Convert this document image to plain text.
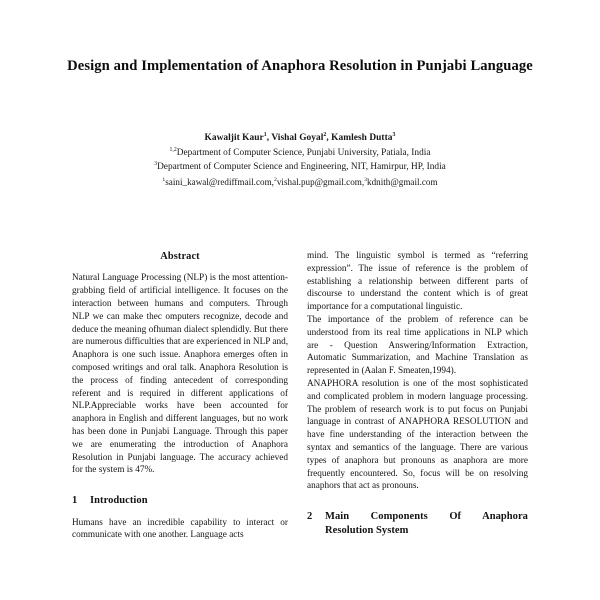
Design and Implementation of Anaphora Resolution in Punjabi Language
Kawaljit Kaur$^1$, Vishal Goyal$^2$, Kamlesh Dutta$^3$
$^{1,2}$Department of Computer Science, Punjabi University, Patiala, India
$^3$Department of Computer Science and Engineering, NIT, Hamirpur, HP, India
$^1$saini_kawal@rediffmail.com,$^2$vishal.pup@gmail.com,$^3$kdnith@gmail.com
Abstract

Natural Language Processing (NLP) is the most attention-grabbing field of artificial intelligence. It focuses on the interaction between humans and computers. Through NLP we can make thec omputers recognize, decode and deduce the meaning ofhuman dialect splendidly. But there are numerous difficulties that are experienced in NLP and, Anaphora is one such issue. Anaphora emerges often in composed writings and oral talk. Anaphora Resolution is the process of finding antecedent of corresponding referent and is required in different applications of NLP.Appreciable works have been accounted for anaphora in English and different languages, but no work has been done in Punjabi Language. Through this paper we are enumerating the introduction of Anaphora Resolution in Punjabi language. The accuracy achieved for the system is 47%.

1	Introduction

Humans have an incredible capability to interact or communicate with one another. Language acts

mind. The linguistic symbol is termed as “referring expression”. The issue of reference is the problem of establishing a relationship between different parts of discourse to understand the content which is of great importance for a computational linguistic.

The importance of the problem of reference can be understood from its real time applications in NLP which are - Question Answering/Information Extraction, Automatic Summarization, and Machine Translation as represented in (Aalan F. Smeaten,1994).

ANAPHORA resolution is one of the most sophisticated and complicated problem in modern language processing. The problem of research work is to put focus on Punjabi language in contrast of ANAPHORA RESOLUTION and have fine understanding of the interaction between the syntax and semantics of the language. There are various types of anaphora but pronouns as anaphora are more frequently encountered. So, focus will be on resolving anaphors that act as pronouns.

2	Main Components Of Anaphora
Resolution System
